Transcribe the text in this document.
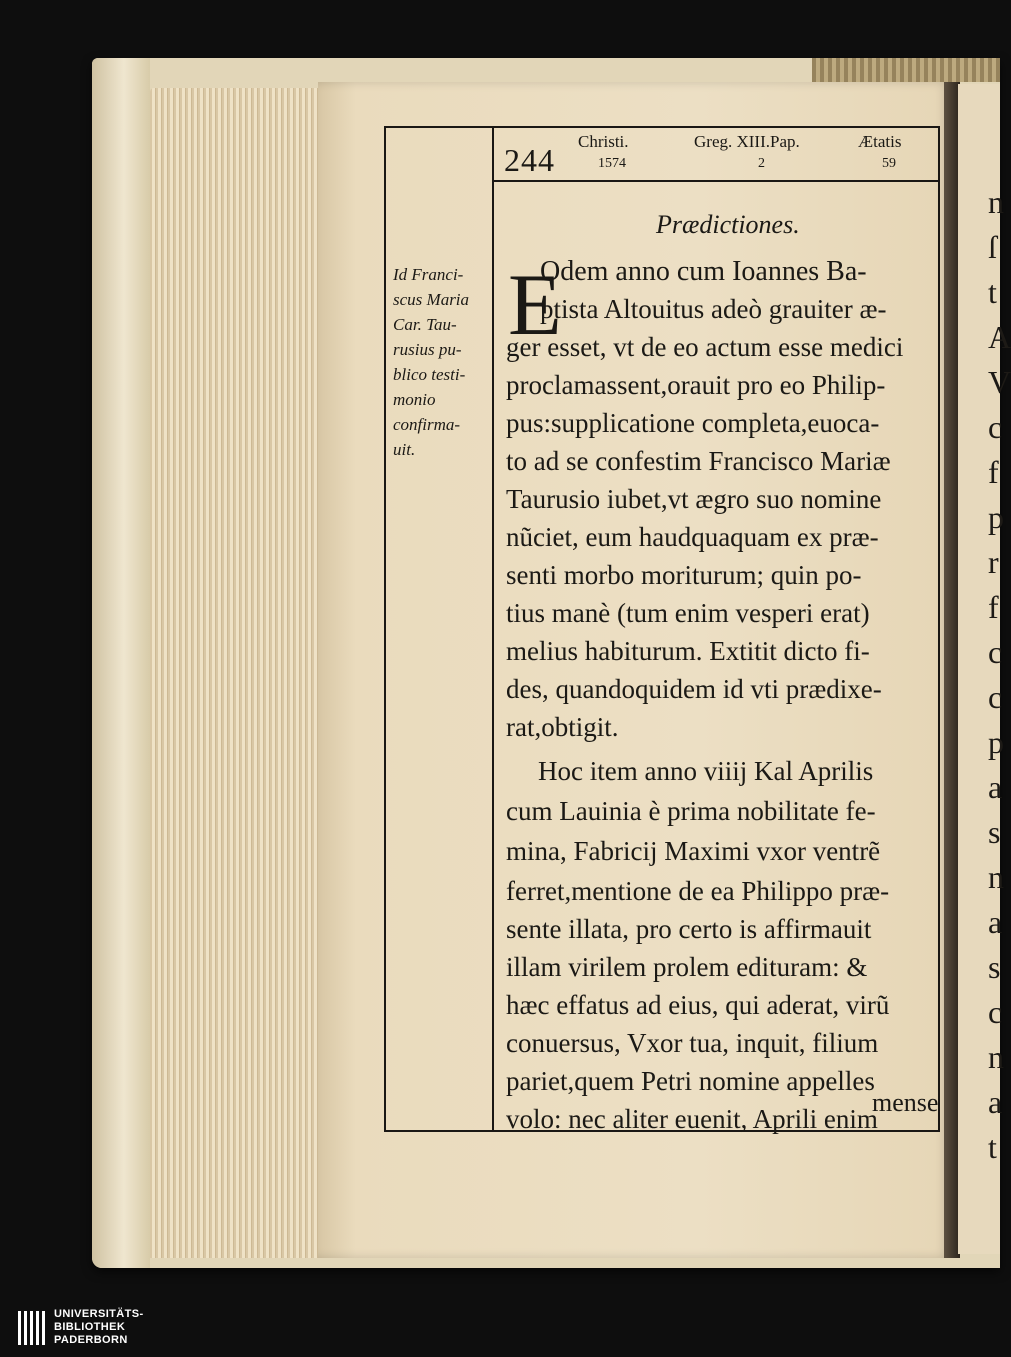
n
ſ
t
A
V
c
f
p
r
f
c
c
p
a
s
n
a
s
c
n
a
t
244
Christi.
1574
Greg. XIII.Pap.
2
Ætatis
59
Prædictiones.
Id Franci-
scus Maria
Car. Tau-
rusius pu-
blico testi-
monio
confirma-
uit.
E
Odem anno cum Ioannes Ba-
ptista Altouitus adeò grauiter æ-
ger esset, vt de eo actum esse medici
proclamassent,orauit pro eo Philip-
pus:supplicatione completa,euoca-
to ad se confestim Francisco Mariæ
Taurusio iubet,vt ægro suo nomine
nũciet, eum haudquaquam ex præ-
senti morbo moriturum; quin po-
tius manè (tum enim vesperi erat)
melius habiturum. Extitit dicto fi-
des, quandoquidem id vti prædixe-
rat,obtigit.
Hoc item anno viiij Kal Aprilis
cum Lauinia è prima nobilitate fe-
mina, Fabricij Maximi vxor ventrẽ
ferret,mentione de ea Philippo præ-
sente illata, pro certo is affirmauit
illam virilem prolem edituram: &
hæc effatus ad eius, qui aderat, virũ
conuersus, Vxor tua, inquit, filium
pariet,quem Petri nomine appelles
volo: nec aliter euenit, Aprili enim
mense
UNIVERSITÄTS-
BIBLIOTHEK
PADERBORN
